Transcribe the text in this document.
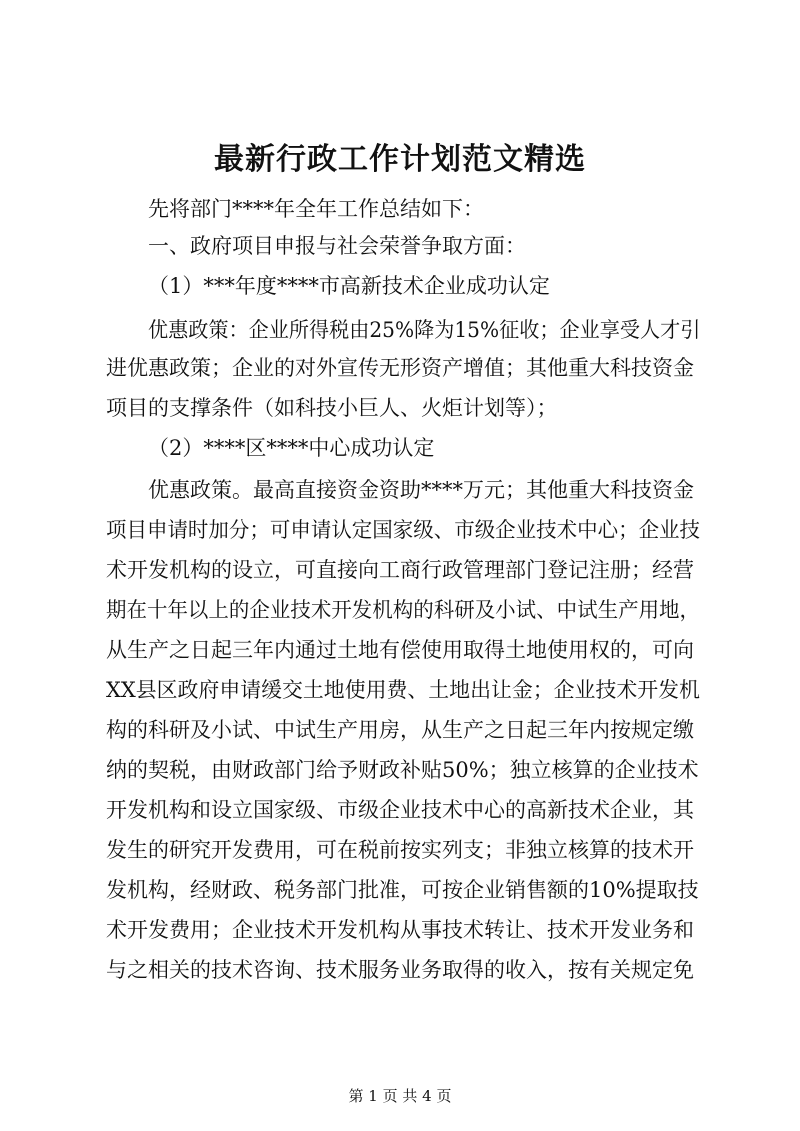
最新行政工作计划范文精选
先将部门****年全年工作总结如下：
一、政府项目申报与社会荣誉争取方面：
（1）***年度****市高新技术企业成功认定
优惠政策：企业所得税由25%降为15%征收；企业享受人才引
进优惠政策；企业的对外宣传无形资产增值；其他重大科技资金
项目的支撑条件（如科技小巨人、火炬计划等）；
（2）****区****中心成功认定
优惠政策。最高直接资金资助****万元；其他重大科技资金
项目申请时加分；可申请认定国家级、市级企业技术中心；企业技
术开发机构的设立，可直接向工商行政管理部门登记注册；经营
期在十年以上的企业技术开发机构的科研及小试、中试生产用地，
从生产之日起三年内通过土地有偿使用取得土地使用权的，可向
XX县区政府申请缓交土地使用费、土地出让金；企业技术开发机
构的科研及小试、中试生产用房，从生产之日起三年内按规定缴
纳的契税，由财政部门给予财政补贴50%；独立核算的企业技术
开发机构和设立国家级、市级企业技术中心的高新技术企业，其
发生的研究开发费用，可在税前按实列支；非独立核算的技术开
发机构，经财政、税务部门批准，可按企业销售额的10%提取技
术开发费用；企业技术开发机构从事技术转让、技术开发业务和
与之相关的技术咨询、技术服务业务取得的收入，按有关规定免
第 1 页 共 4 页
